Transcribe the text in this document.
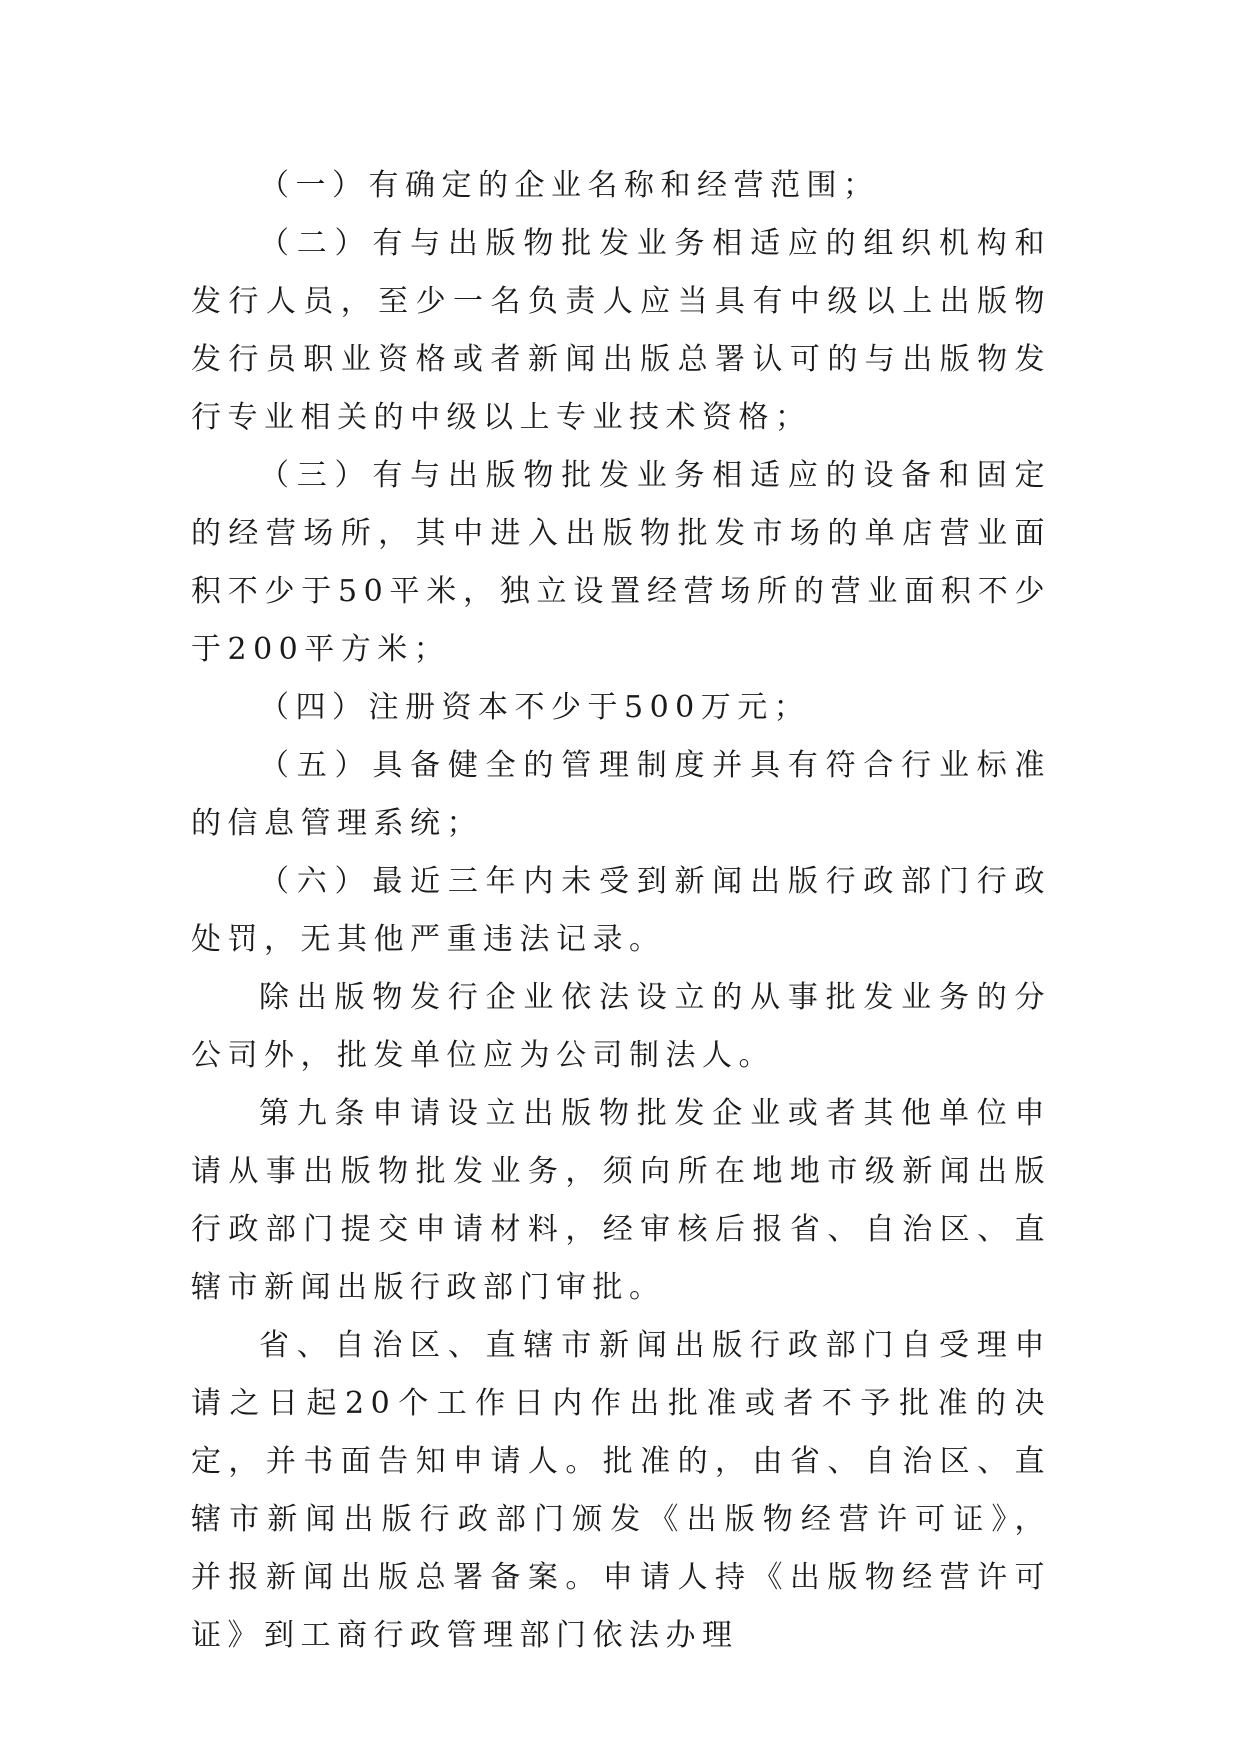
（一）有确定的企业名称和经营范围；

（二）有与出版物批发业务相适应的组织机构和发行人员，至少一名负责人应当具有中级以上出版物发行员职业资格或者新闻出版总署认可的与出版物发行专业相关的中级以上专业技术资格；

（三）有与出版物批发业务相适应的设备和固定的经营场所，其中进入出版物批发市场的单店营业面积不少于50平米，独立设置经营场所的营业面积不少于200平方米；

（四）注册资本不少于500万元；

（五）具备健全的管理制度并具有符合行业标准的信息管理系统；

（六）最近三年内未受到新闻出版行政部门行政处罚，无其他严重违法记录。

除出版物发行企业依法设立的从事批发业务的分公司外，批发单位应为公司制法人。

第九条申请设立出版物批发企业或者其他单位申请从事出版物批发业务，须向所在地地市级新闻出版行政部门提交申请材料，经审核后报省、自治区、直辖市新闻出版行政部门审批。

省、自治区、直辖市新闻出版行政部门自受理申请之日起20个工作日内作出批准或者不予批准的决定，并书面告知申请人。批准的，由省、自治区、直辖市新闻出版行政部门颁发《出版物经营许可证》，并报新闻出版总署备案。申请人持《出版物经营许可证》到工商行政管理部门依法办理
